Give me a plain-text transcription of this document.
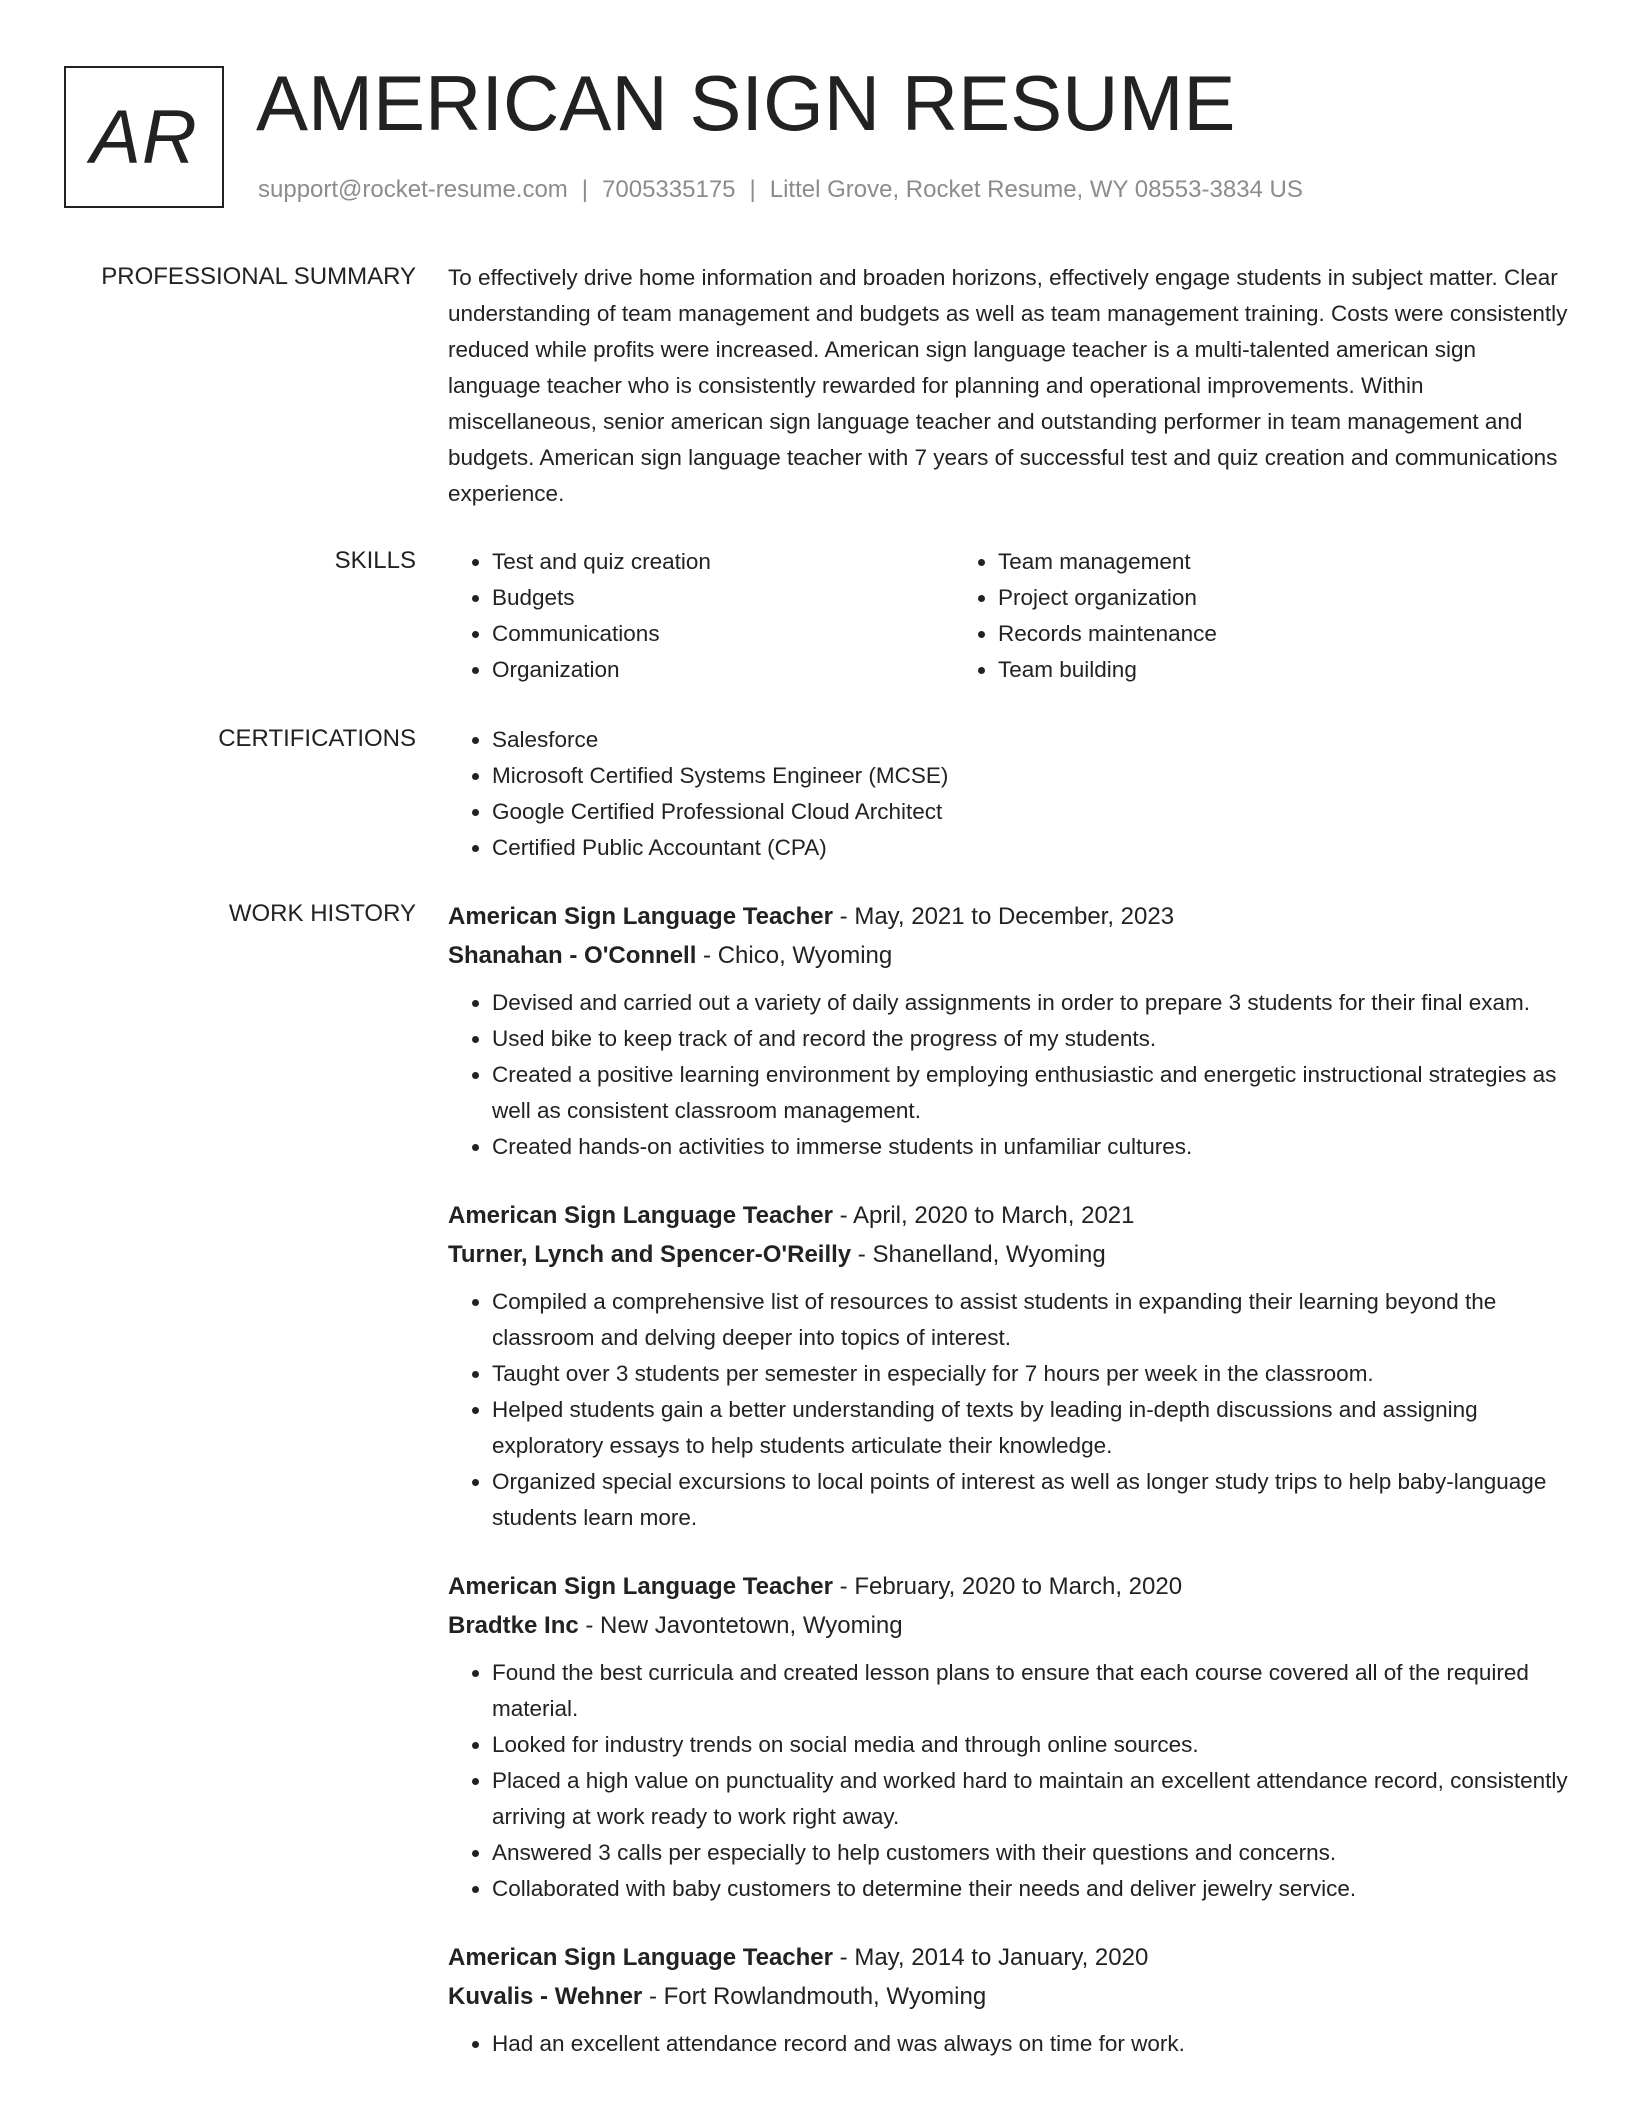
AR AMERICAN SIGN RESUME
support@rocket-resume.com | 7005335175 | Littel Grove, Rocket Resume, WY 08553-3834 US
PROFESSIONAL SUMMARY To effectively drive home information and broaden horizons, effectively engage students in subject matter. Clear understanding of team management and budgets as well as team management training. Costs were consistently reduced while profits were increased. American sign language teacher is a multi-talented american sign language teacher who is consistently rewarded for planning and operational improvements. Within miscellaneous, senior american sign language teacher and outstanding performer in team management and budgets. American sign language teacher with 7 years of successful test and quiz creation and communications experience.

SKILLS	• Test and quiz creation
• Budgets
• Communications
• Organization
• Team management
• Project organization
• Records maintenance
• Team building
CERTIFICATIONS	• Salesforce
• Microsoft Certified Systems Engineer (MCSE)
• Google Certified Professional Cloud Architect
• Certified Public Accountant (CPA)
WORK HISTORY American Sign Language Teacher - May, 2021 to December, 2023
Shanahan - O'Connell - Chico, Wyoming
• Devised and carried out a variety of daily assignments in order to prepare 3 students for their final exam.
• Used bike to keep track of and record the progress of my students.
• Created a positive learning environment by employing enthusiastic and energetic instructional strategies as well as consistent classroom management.
• Created hands-on activities to immerse students in unfamiliar cultures.
American Sign Language Teacher - April, 2020 to March, 2021
Turner, Lynch and Spencer-O'Reilly - Shanelland, Wyoming
• Compiled a comprehensive list of resources to assist students in expanding their learning beyond the classroom and delving deeper into topics of interest.
• Taught over 3 students per semester in especially for 7 hours per week in the classroom.
• Helped students gain a better understanding of texts by leading in-depth discussions and assigning exploratory essays to help students articulate their knowledge.
• Organized special excursions to local points of interest as well as longer study trips to help baby-language students learn more.
American Sign Language Teacher - February, 2020 to March, 2020
Bradtke Inc - New Javontetown, Wyoming
• Found the best curricula and created lesson plans to ensure that each course covered all of the required material.
• Looked for industry trends on social media and through online sources.
• Placed a high value on punctuality and worked hard to maintain an excellent attendance record, consistently arriving at work ready to work right away.
• Answered 3 calls per especially to help customers with their questions and concerns.
• Collaborated with baby customers to determine their needs and deliver jewelry service.
American Sign Language Teacher - May, 2014 to January, 2020
Kuvalis - Wehner - Fort Rowlandmouth, Wyoming
• Had an excellent attendance record and was always on time for work.
